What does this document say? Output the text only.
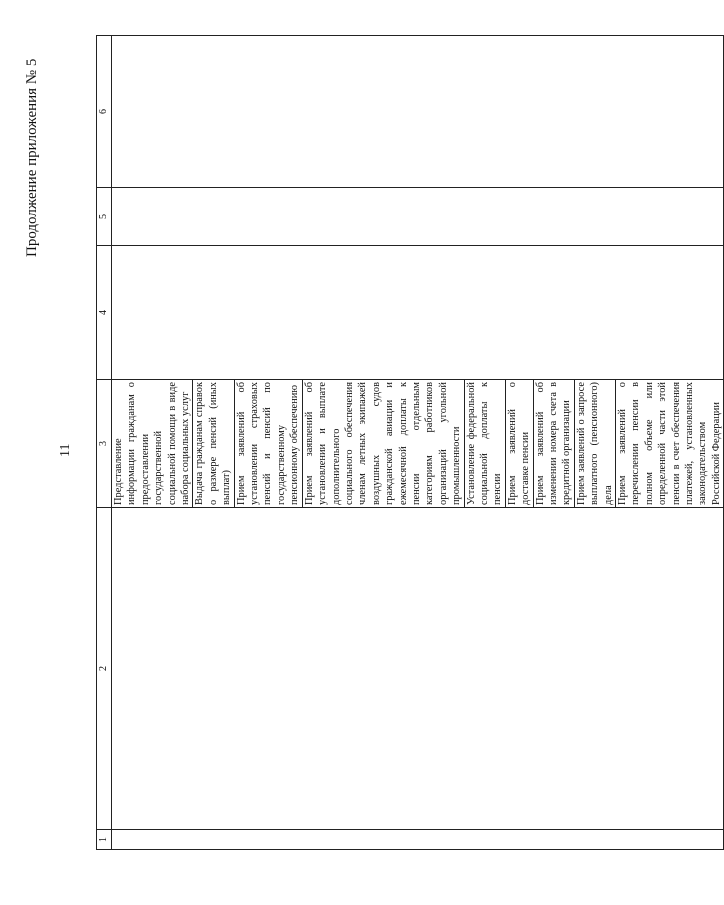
Продолжение приложения № 5
11
1	2	3	4	5	6
		Представление информации гражданам о предоставлении государственной социальной помощи в виде набора социальных услуг			
		Выдача гражданам справок о размере пенсий (иных выплат)			
		Прием заявлений об установлении страховых пенсий и пенсий по государственному пенсионному обеспечению			
		Прием заявлений об установлении и выплате дополнительного социального обеспечения членам летных экипажей воздушных судов гражданской авиации и ежемесячной доплаты к пенсии отдельным категориям работников организаций угольной промышленности			
		Установление федеральной социальной доплаты к пенсии			
		Прием заявлений о доставке пенсии			
		Прием заявлений об изменении номера счета в кредитной организации			
		Прием заявлений о запросе выплатного (пенсионного) дела			
		Прием заявлений о перечислении пенсии в полном объеме или определенной части этой пенсии в счет обеспечения платежей, установленных законодательством Российской Федерации			
